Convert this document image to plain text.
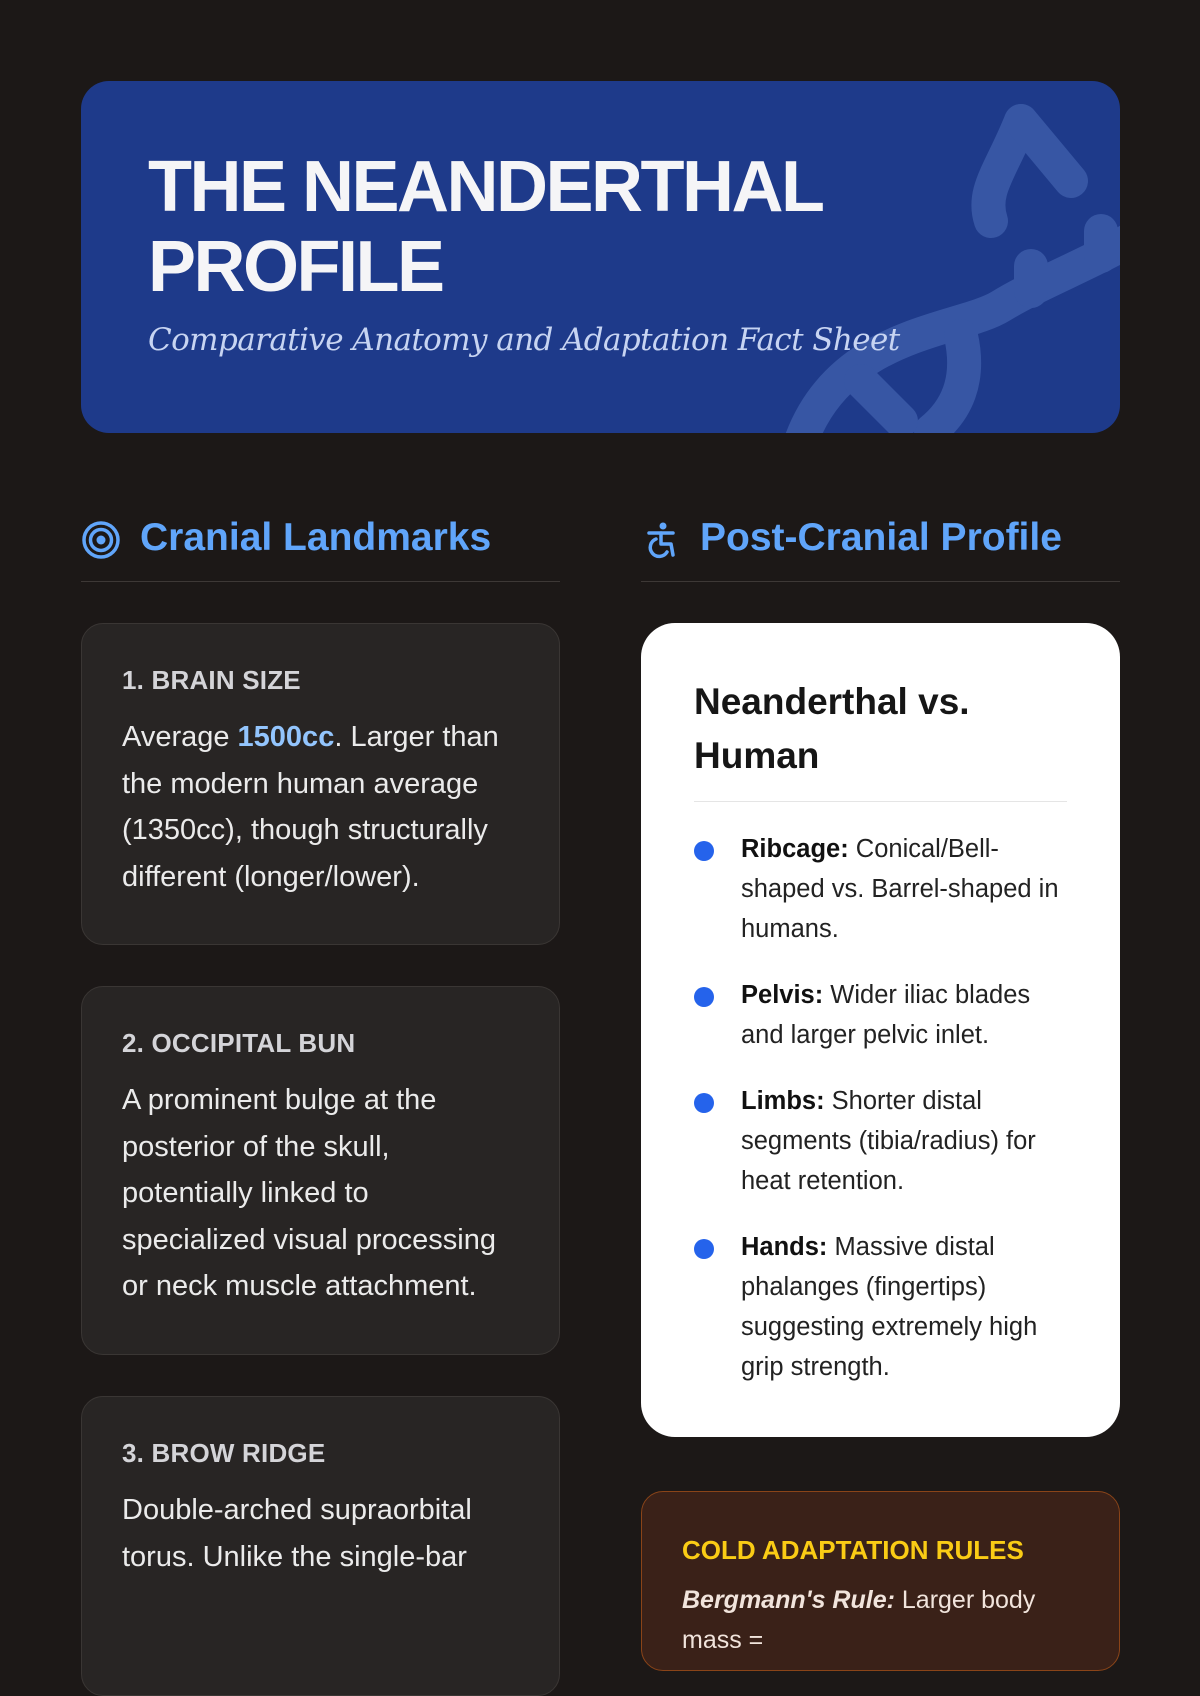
THE NEANDERTHAL PROFILE

Comparative Anatomy and Adaptation Fact Sheet

Cranial Landmarks	Post-Cranial Profile

1. BRAIN SIZE

Average 1500cc. Larger than the modern human average (1350cc), though structurally different (longer/lower).

2. OCCIPITAL BUN

A prominent bulge at the posterior of the skull, potentially linked to specialized visual processing or neck muscle attachment.

3. BROW RIDGE

Double-arched supraorbital torus. Unlike the single-bar

Neanderthal vs. Human
Ribcage: Conical/Bell-shaped vs. Barrel-shaped in humans.
Pelvis: Wider iliac blades and larger pelvic inlet.
Limbs: Shorter distal segments (tibia/radius) for heat retention.
Hands: Massive distal phalanges (fingertips) suggesting extremely high grip strength.

COLD ADAPTATION RULES

Bergmann's Rule: Larger body mass =
